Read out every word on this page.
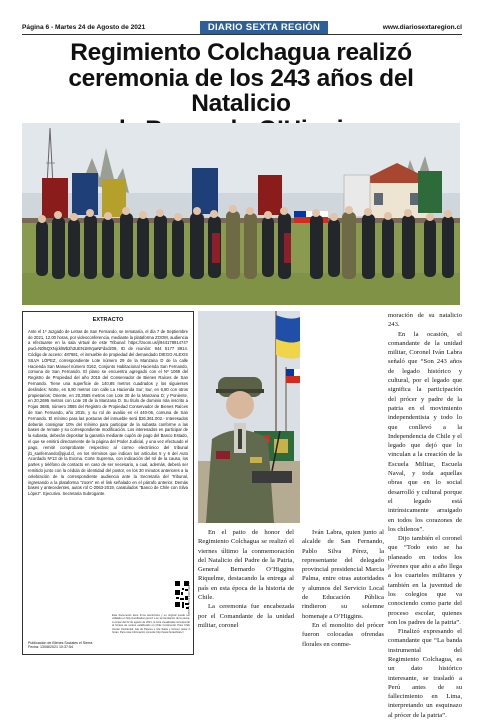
Página 6 - Martes 24 de Agosto de 2021	DIARIO SEXTA REGIÓN	www.diariosextaregion.cl
Regimiento Colchagua realizó
ceremonia de los 243 años del Natalicio
EXTRACTO
Ante el 1º Juzgado de Letras de San Fernando, se remataría, el día 7 de Septiembre de 2021, 12.00 horas, por videoconferencia, mediante la plataforma ZOOM, audiencia a efectuarse en la sala virtual de este Tribunal: https://zoom.us/j/94417891474?pwd=N0l5QXNjcklWb2h3UEN1MVpaNFdxdz09, ID de reunión: 944 5177 8914. Código de acceso: 487681, el inmueble de propiedad del demandado DIEGO ALEXIS SILVA LÓPEZ, correspondiente Lote número 29 de la Manzana D de la calle Hacienda San Manuel número 0162, Conjunto Habitacional Hacienda San Fernando, comuna de San Fernando. El plano se encuentra agregado con el Nº 1069 del Registro de Propiedad del año 2015 del Conservador de Bienes Raíces de San Fernando. Tiene una superficie de 140,85 metros cuadrados y los siguientes deslindes: Norte, en 6,80 metros con calle La Hacienda Sur; Sur, en 6,80 con otros propietarios; Oriente, en 20,2665 metros con Lote 30 de la Manzana D; y Poniente, en 20,2695 metros con Lote 28 de la Manzana D. Su título de dominio rola inscrito a Fojas 3686, número 3865 del Registro de Propiedad Conservador de Bienes Raíces de San Fernando, año 2015, y su rol de avalúo es el 440-06, comuna de San Fernando. El mínimo para las posturas del inmueble será $26.361.002.- Interesados deberán consignar 10% del mínimo para participar de la subasta conforme a las bases de remate y su correspondiente modificación. Los interesados en participar de la subasta, deberán depositar la garantía mediante cupón de pago del Banco Estado, el que se emitirá directamente de la página del Poder Judicial, y una vez efectuado el pago, remitir comprobante respectivo al correo electrónico del tribunal jl1_sanfernando@pjud.cl, en los términos que indican los artículos 5 y 6 del Auto Acordado Nº13 de la Excma. Corte Suprema, con indicación del rol de la causa, los partes y teléfono de contacto en caso de ser necesario, a cual, además, deberá ser remitido junto con la cédula de identidad del postor, en los 30 minutos anteriores a la celebración de la correspondiente audiencia ante la Secretaría del Tribunal, ingresando a la plataforma “zoom” en el link señalado en el párrafo anterior. Demás bases y antecedentes, autos rol C-2063-2019, caratulados “Banco de Chile con Silva López”. Ejecutivo. Secretaria Subrogante.
C-2063-2019 FOJA: 1 - uno
Este documento tiene firma electrónica y su original puede ser validado en http://verificadoc.pjud.cl o en la tramitación de la causa. A contar del 02 de agosto de 2021, la hora visualizada corresponde al horario de verano establecido en Chile Continental. Para Chile Insular Occidental, Isla de Pascua e Isla Salas y Gómez restar 2 horas. Para más información consulte http://www.horaoficial.cl
Publicación de Bienes Sociales el Sierra
Fecha: 13/08/2021 10:37:54

En el patio de honor del Regimiento Colchagua se realizó el viernes último la conmemoración del Natalicio del Padre de la Patria, General Bernardo O’Higgins Riquelme, destacando la entrega al país en esta época de la historia de Chile.

La ceremonia fue encabezada por el Comandante de la unidad militar, coronel

Iván Labra, quien junto al alcalde de San Fernando, Pablo Silva Pérez, la representante del delegado provincial presidencial Marcia Palma, entre otras autoridades y alumnos del Servicio Local de Educación Pública rindieron su solemne homenaje a O’Higgins.

En el monolito del prócer fueron colocadas ofrendas florales en conme-

moración de su natalicio 243.

En la ocasión, el comandante de la unidad militar, Coronel Iván Labra señaló que “Son 243 años de legado histórico y cultural, por el legado que significa la participación del prócer y padre de la patria en el movimiento independentista y todo lo que conllevó a la Independencia de Chile y el legado que dejó que lo vinculan a la creación de la Escuela Militar, Escuela Naval, y toda aquellas obras que en lo social desarrolló y cultural porque el legado está intrínsicamente arraigado en todos los corazones de los chilenos”.

Dijo también el coronel que “Todo esto se ha planeado en todos los jóvenes que año a año llega a los cuarteles militares y también en la juventud de los colegios que va conociendo como parte del proceso escolar, quienes son los padres de la patria”.

Finalizó expresando el comandante que “La banda instrumental del Regimiento Colchagua, es un dato histórico interesante, se trasladó a Perú antes de su fallecimiento en Lima, interpretando un esquinazo al prócer de la patria”.
